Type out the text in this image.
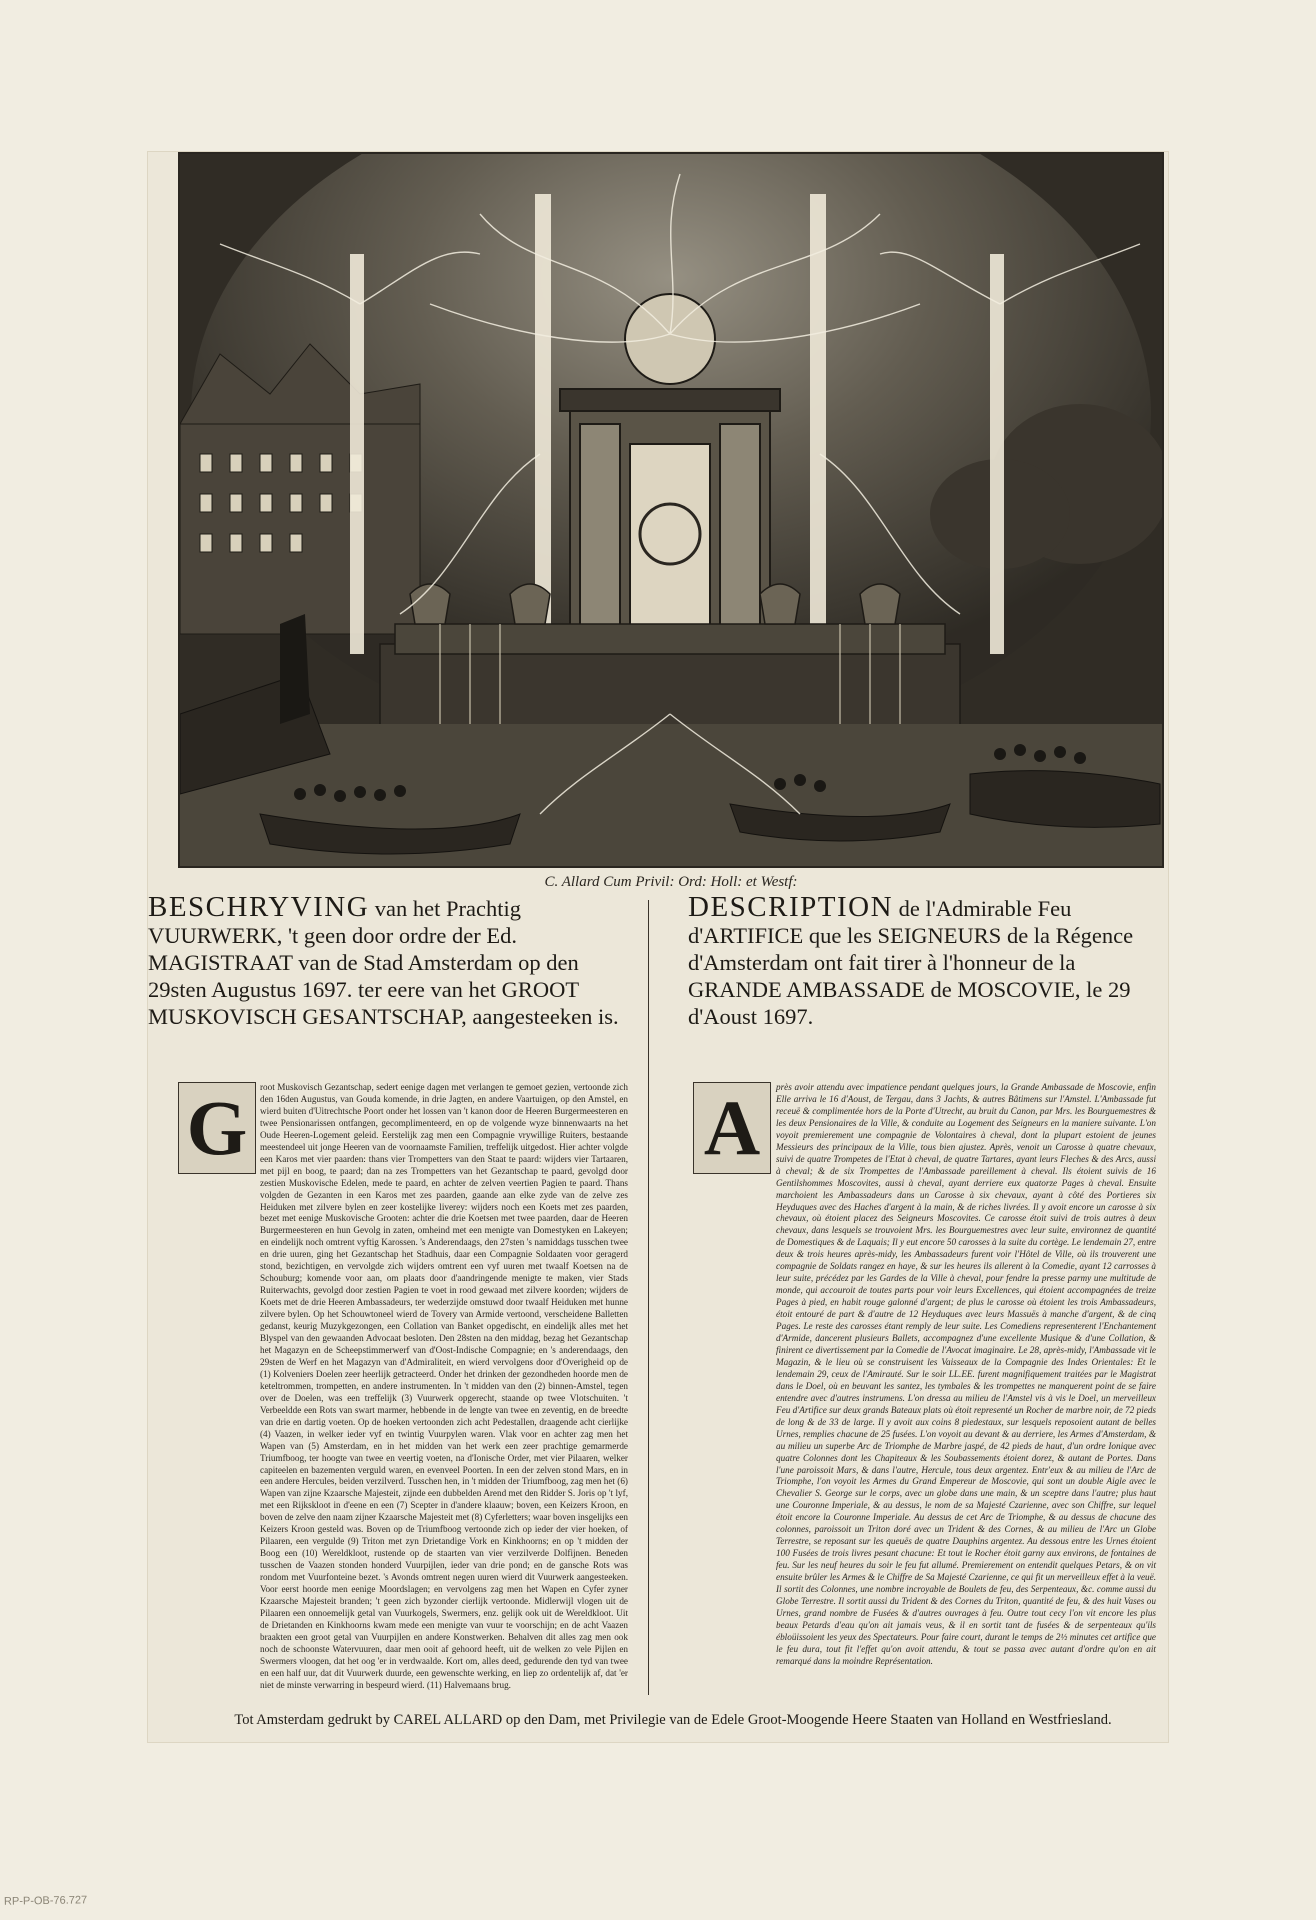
C. Allard Cum Privil: Ord: Holl: et Westf:
BESCHRYVING van het Prachtig VUURWERK, 't geen door ordre der Ed. MAGISTRAAT van de Stad Amsterdam op den 29sten Augustus 1697. ter eere van het GROOT MUSKOVISCH GESANTSCHAP, aangesteeken is.
DESCRIPTION de l'Admirable Feu d'ARTIFICE que les SEIGNEURS de la Régence d'Amsterdam ont fait tirer à l'honneur de la GRANDE AMBASSADE de MOSCOVIE, le 29 d'Aoust 1697.
G root Muskovisch Gezantschap, sedert eenige dagen met verlangen te gemoet gezien, vertoonde zich den 16den Augustus, van Gouda komende, in drie Jagten, en andere Vaartuigen, op den Amstel, en wierd buiten d'Uitrechtsche Poort onder het lossen van 't kanon door de Heeren Burgermeesteren en twee Pensionarissen ontfangen, gecomplimenteerd, en op de volgende wyze binnenwaarts na het Oude Heeren-Logement geleid. Eerstelijk zag men een Compagnie vrywillige Ruiters, bestaande meestendeel uit jonge Heeren van de voornaamste Familien, treffelijk uitgedost. Hier achter volgde een Karos met vier paarden: thans vier Trompetters van den Staat te paard: wijders vier Tartaaren, met pijl en boog, te paard; dan na zes Trompetters van het Gezantschap te paard, gevolgd door zestien Muskovische Edelen, mede te paard, en achter de zelven veertien Pagien te paard. Thans volgden de Gezanten in een Karos met zes paarden, gaande aan elke zyde van de zelve zes Heiduken met zilvere bylen en zeer kostelijke liverey: wijders noch een Koets met zes paarden, bezet met eenige Muskovische Grooten: achter die drie Koetsen met twee paarden, daar de Heeren Burgermeesteren en hun Gevolg in zaten, omheind met een menigte van Domestyken en Lakeyen; en eindelijk noch omtrent vyftig Karossen. 's Anderendaags, den 27sten 's namiddags tusschen twee en drie uuren, ging het Gezantschap het Stadhuis, daar een Compagnie Soldaaten voor geragerd stond, bezichtigen, en vervolgde zich wijders omtrent een vyf uuren met twaalf Koetsen na de Schouburg; komende voor aan, om plaats door d'aandringende menigte te maken, vier Stads Ruiterwachts, gevolgd door zestien Pagien te voet in rood gewaad met zilvere koorden; wijders de Koets met de drie Heeren Ambassadeurs, ter wederzijde omstuwd door twaalf Heiduken met hunne zilvere bylen. Op het Schouwtoneel wierd de Tovery van Armide vertoond, verscheidene Balletten gedanst, keurig Muzykgezongen, een Collation van Banket opgedischt, en eindelijk alles met het Blyspel van den gewaanden Advocaat besloten. Den 28sten na den middag, bezag het Gezantschap het Magazyn en de Scheepstimmerwerf van d'Oost-Indische Compagnie; en 's anderendaags, den 29sten de Werf en het Magazyn van d'Admiraliteit, en wierd vervolgens door d'Overigheid op de (1) Kolveniers Doelen zeer heerlijk getracteerd. Onder het drinken der gezondheden hoorde men de keteltrommen, trompetten, en andere instrumenten. In 't midden van den (2) binnen-Amstel, tegen over de Doelen, was een treffelijk (3) Vuurwerk opgerecht, staande op twee Vlotschuiten. 't Verbeeldde een Rots van swart marmer, hebbende in de lengte van twee en zeventig, en de breedte van drie en dartig voeten. Op de hoeken vertoonden zich acht Pedestallen, draagende acht cierlijke (4) Vaazen, in welker ieder vyf en twintig Vuurpylen waren. Vlak voor en achter zag men het Wapen van (5) Amsterdam, en in het midden van het werk een zeer prachtige gemarmerde Triumfboog, ter hoogte van twee en veertig voeten, na d'Ionische Order, met vier Pilaaren, welker capiteelen en bazementen verguld waren, en evenveel Poorten. In een der zelven stond Mars, en in een andere Hercules, beiden verzilverd. Tusschen hen, in 't midden der Triumfboog, zag men het (6) Wapen van zijne Kzaarsche Majesteit, zijnde een dubbelden Arend met den Ridder S. Joris op 't lyf, met een Rijkskloot in d'eene en een (7) Scepter in d'andere klaauw; boven, een Keizers Kroon, en boven de zelve den naam zijner Kzaarsche Majesteit met (8) Cyferletters; waar boven insgelijks een Keizers Kroon gesteld was. Boven op de Triumfboog vertoonde zich op ieder der vier hoeken, of Pilaaren, een vergulde (9) Triton met zyn Drietandige Vork en Kinkhoorns; en op 't midden der Boog een (10) Wereldkloot, rustende op de staarten van vier verzilverde Dolfijnen. Beneden tusschen de Vaazen stonden honderd Vuurpijlen, ieder van drie pond; en de gansche Rots was rondom met Vuurfonteine bezet. 's Avonds omtrent negen uuren wierd dit Vuurwerk aangesteeken. Voor eerst hoorde men eenige Moordslagen; en vervolgens zag men het Wapen en Cyfer zyner Kzaarsche Majesteit branden; 't geen zich byzonder cierlijk vertoonde. Midlerwijl vlogen uit de Pilaaren een onnoemelijk getal van Vuurkogels, Swermers, enz. gelijk ook uit de Wereldkloot. Uit de Drietanden en Kinkhoorns kwam mede een menigte van vuur te voorschijn; en de acht Vaazen braakten een groot getal van Vuurpijlen en andere Konstwerken. Behalven dit alles zag men ook noch de schoonste Watervuuren, daar men ooit af gehoord heeft, uit de welken zo vele Pijlen en Swermers vloogen, dat het oog 'er in verdwaalde. Kort om, alles deed, gedurende den tyd van twee en een half uur, dat dit Vuurwerk duurde, een gewenschte werking, en liep zo ordentelijk af, dat 'er niet de minste verwarring in bespeurd wierd. (11) Halvemaans brug.

A près avoir attendu avec impatience pendant quelques jours, la Grande Ambassade de Moscovie, enfin Elle arriva le 16 d'Aoust, de Tergau, dans 3 Jachts, & autres Bâtimens sur l'Amstel. L'Ambassade fut receuë & complimentée hors de la Porte d'Utrecht, au bruit du Canon, par Mrs. les Bourguemestres & les deux Pensionaires de la Ville, & conduite au Logement des Seigneurs en la maniere suivante. L'on voyoit premierement une compagnie de Volontaires à cheval, dont la plupart estoient de jeunes Messieurs des principaux de la Ville, tous bien ajustez. Après, venoit un Carosse à quatre chevaux, suivi de quatre Trompetes de l'Etat à cheval, de quatre Tartares, ayant leurs Fleches & des Arcs, aussi à cheval; & de six Trompettes de l'Ambassade pareillement à cheval. Ils étoient suivis de 16 Gentilshommes Moscovites, aussi à cheval, ayant derriere eux quatorze Pages à cheval. Ensuite marchoient les Ambassadeurs dans un Carosse à six chevaux, ayant à côté des Portieres six Heyduques avec des Haches d'argent à la main, & de riches livrées. Il y avoit encore un carosse à six chevaux, où étoient placez des Seigneurs Moscovites. Ce carosse étoit suivi de trois autres à deux chevaux, dans lesquels se trouvoient Mrs. les Bourguemestres avec leur suite, environnez de quantité de Domestiques & de Laquais; Il y eut encore 50 carosses à la suite du cortège. Le lendemain 27, entre deux & trois heures après-midy, les Ambassadeurs furent voir l'Hôtel de Ville, où ils trouverent une compagnie de Soldats rangez en haye, & sur les heures ils allerent à la Comedie, ayant 12 carrosses à leur suite, précédez par les Gardes de la Ville à cheval, pour fendre la presse parmy une multitude de monde, qui accouroit de toutes parts pour voir leurs Excellences, qui étoient accompagnées de treize Pages à pied, en habit rouge galonné d'argent; de plus le carosse où étoient les trois Ambassadeurs, étoit entouré de part & d'autre de 12 Heyduques avec leurs Massuës à manche d'argent, & de cinq Pages. Le reste des carosses étant remply de leur suite. Les Comediens representerent l'Enchantement d'Armide, dancerent plusieurs Ballets, accompagnez d'une excellente Musique & d'une Collation, & finirent ce divertissement par la Comedie de l'Avocat imaginaire. Le 28, après-midy, l'Ambassade vit le Magazin, & le lieu où se construisent les Vaisseaux de la Compagnie des Indes Orientales: Et le lendemain 29, ceux de l'Amirauté. Sur le soir LL.EE. furent magnifiquement traitées par le Magistrat dans le Doel, où en beuvant les santez, les tymbales & les trompettes ne manquerent point de se faire entendre avec d'autres instrumens. L'on dressa au milieu de l'Amstel vis à vis le Doel, un merveilleux Feu d'Artifice sur deux grands Bateaux plats où étoit representé un Rocher de marbre noir, de 72 pieds de long & de 33 de large. Il y avoit aux coins 8 piedestaux, sur lesquels reposoient autant de belles Urnes, remplies chacune de 25 fusées. L'on voyoit au devant & au derriere, les Armes d'Amsterdam, & au milieu un superbe Arc de Triomphe de Marbre jaspé, de 42 pieds de haut, d'un ordre Ionique avec quatre Colonnes dont les Chapiteaux & les Soubassements étoient dorez, & autant de Portes. Dans l'une paroissoit Mars, & dans l'autre, Hercule, tous deux argentez. Entr'eux & au milieu de l'Arc de Triomphe, l'on voyoit les Armes du Grand Empereur de Moscovie, qui sont un double Aigle avec le Chevalier S. George sur le corps, avec un globe dans une main, & un sceptre dans l'autre; plus haut une Couronne Imperiale, & au dessus, le nom de sa Majesté Czarienne, avec son Chiffre, sur lequel étoit encore la Couronne Imperiale. Au dessus de cet Arc de Triomphe, & au dessus de chacune des colonnes, paroissoit un Triton doré avec un Trident & des Cornes, & au milieu de l'Arc un Globe Terrestre, se reposant sur les queuës de quatre Dauphins argentez. Au dessous entre les Urnes étoient 100 Fusées de trois livres pesant chacune: Et tout le Rocher étoit garny aux environs, de fontaines de feu. Sur les neuf heures du soir le feu fut allumé. Premierement on entendit quelques Petars, & on vit ensuite brûler les Armes & le Chiffre de Sa Majesté Czarienne, ce qui fit un merveilleux effet à la veuë. Il sortit des Colonnes, une nombre incroyable de Boulets de feu, des Serpenteaux, &c. comme aussi du Globe Terrestre. Il sortit aussi du Trident & des Cornes du Triton, quantité de feu, & des huit Vases ou Urnes, grand nombre de Fusées & d'autres ouvrages à feu. Outre tout cecy l'on vit encore les plus beaux Petards d'eau qu'on ait jamais veus, & il en sortit tant de fusées & de serpenteaux qu'ils ébloüissoient les yeux des Spectateurs. Pour faire court, durant le temps de 2½ minutes cet artifice que le feu dura, tout fit l'effet qu'on avoit attendu, & tout se passa avec autant d'ordre qu'on en ait remarqué dans la moindre Représentation.

Tot Amsterdam gedrukt by CAREL ALLARD op den Dam, met Privilegie van de Edele Groot-Moogende Heere Staaten van Holland en Westfriesland.
RP-P-OB-76.727
